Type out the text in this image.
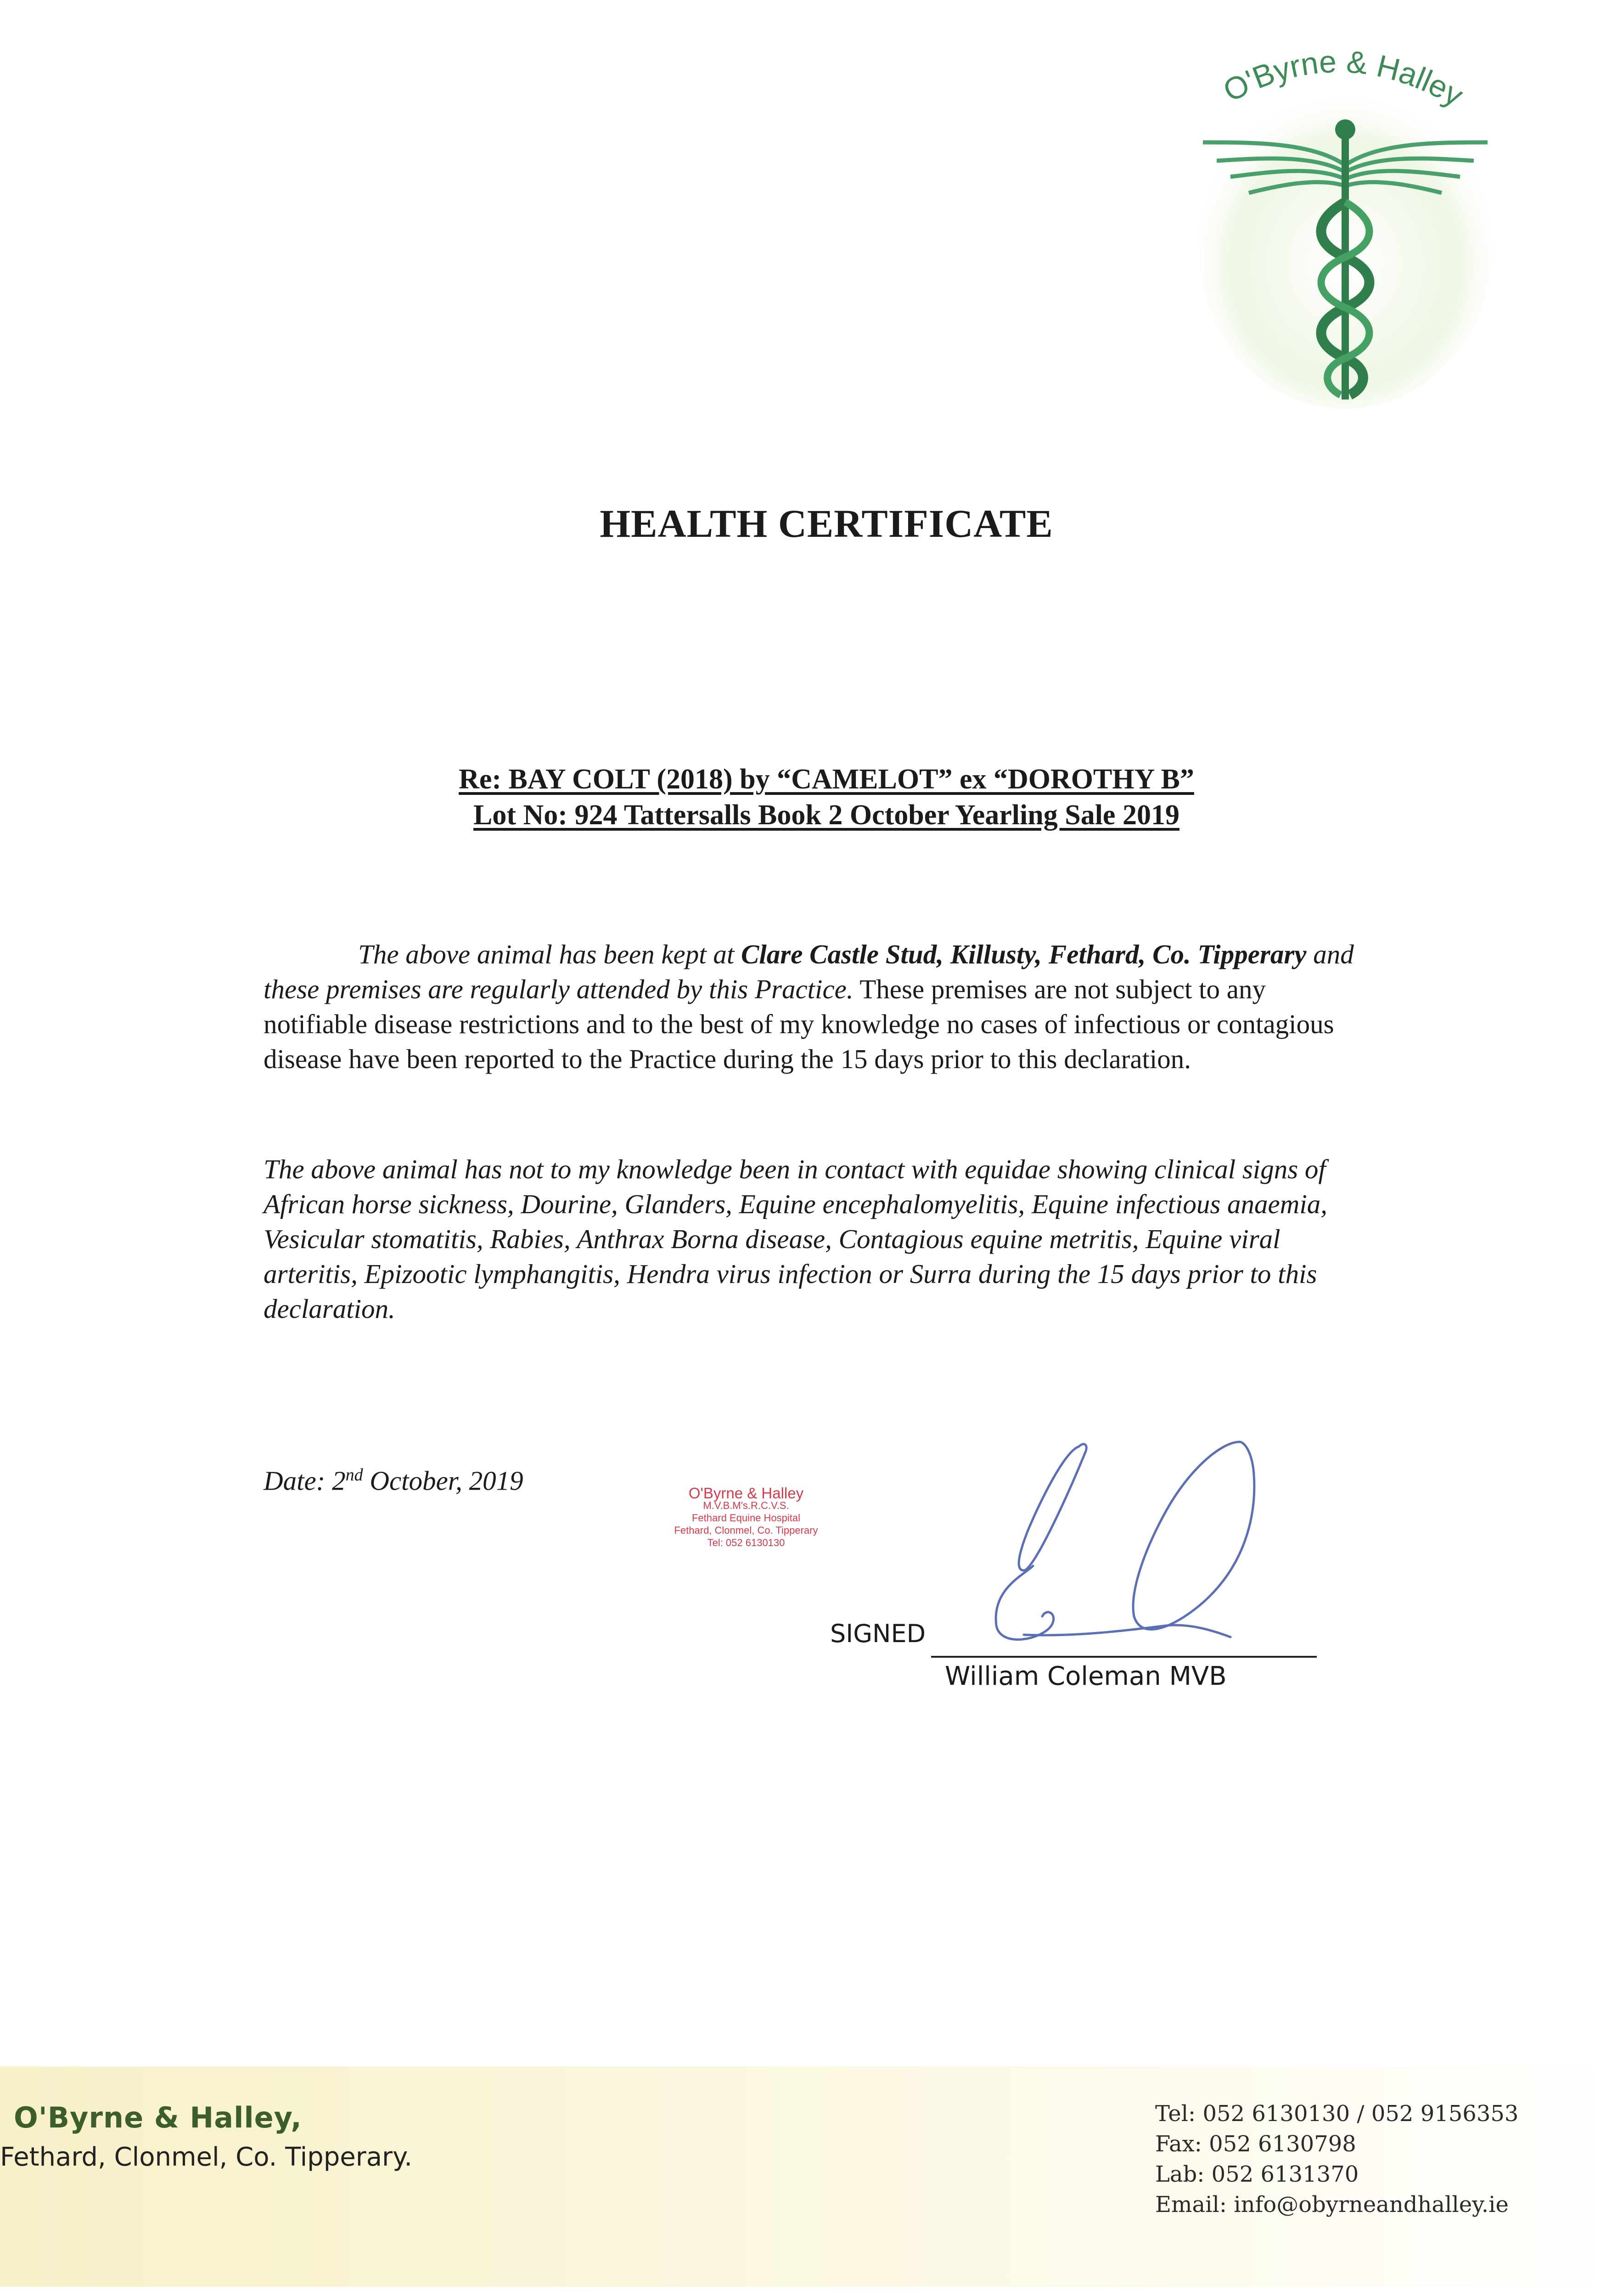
O'Byrne & Halley
HEALTH CERTIFICATE
Re: BAY COLT (2018) by “CAMELOT” ex “DOROTHY B”
Lot No: 924 Tattersalls Book 2 October Yearling Sale 2019
The above animal has been kept at Clare Castle Stud, Killusty, Fethard, Co. Tipperary and these premises are regularly attended by this Practice. These premises are not subject to any notifiable disease restrictions and to the best of my knowledge no cases of infectious or contagious disease have been reported to the Practice during the 15 days prior to this declaration.
The above animal has not to my knowledge been in contact with equidae showing clinical signs of African horse sickness, Dourine, Glanders, Equine encephalomyelitis, Equine infectious anaemia, Vesicular stomatitis, Rabies, Anthrax Borna disease, Contagious equine metritis, Equine viral arteritis, Epizootic lymphangitis, Hendra virus infection or Surra during the 15 days prior to this declaration.
Date: 2nd October, 2019	O'Byrne & Halley
M.V.B.M's.R.C.V.S.
Fethard Equine Hospital
Fethard, Clonmel, Co. Tipperary
Tel: 052 6130130
SIGNED
William Coleman MVB
O'Byrne & Halley,
Fethard, Clonmel, Co. Tipperary.
Tel: 052 6130130 / 052 9156353
Fax: 052 6130798
Lab: 052 6131370
Email: info@obyrneandhalley.ie
